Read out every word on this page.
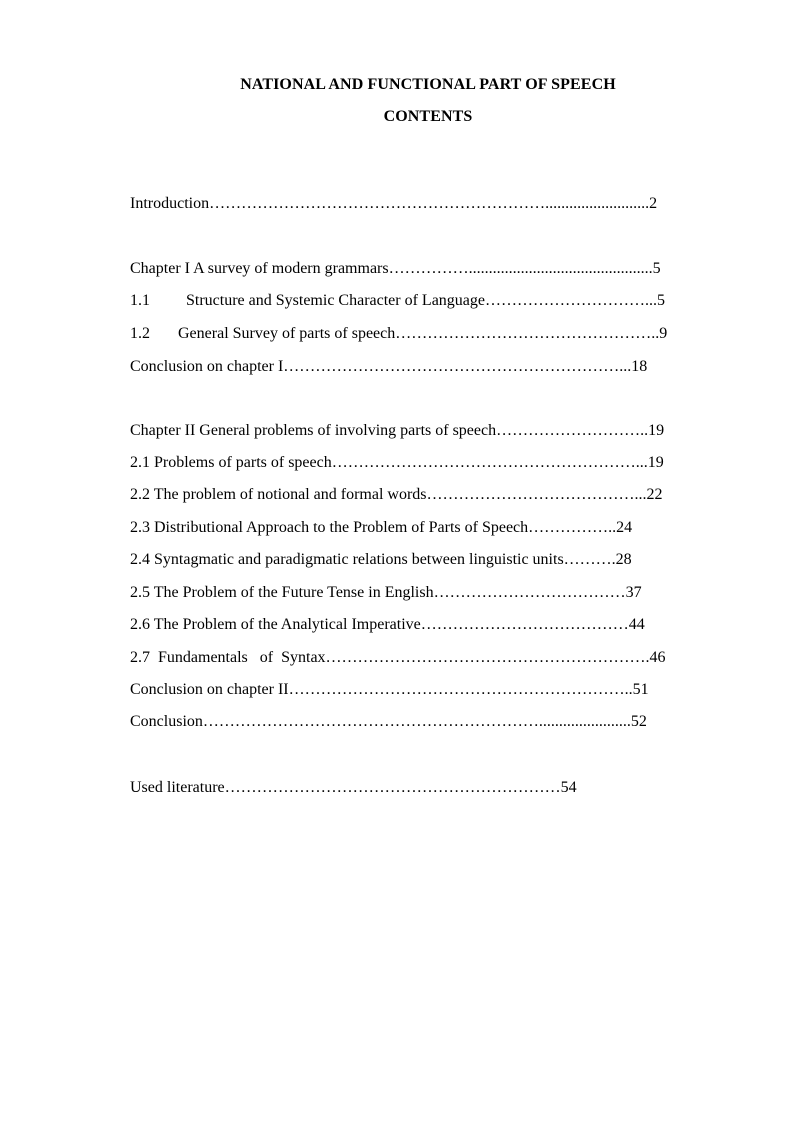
NATIONAL AND FUNCTIONAL PART OF SPEECH
CONTENTS

Introduction………………………………………………………..........................2

Chapter I A survey of modern grammars……………..............................................5

1.1         Structure and Systemic Character of Language…………………………...5

1.2       General Survey of parts of speech…………………………………………..9

Conclusion on chapter I………………………………………………………...18

Chapter II General problems of involving parts of speech………………………..19

2.1 Problems of parts of speech…………………………………………………...19

2.2 The problem of notional and formal words…………………………………...22

2.3 Distributional Approach to the Problem of Parts of Speech……………..24

2.4 Syntagmatic and paradigmatic relations between linguistic units……….28

2.5 The Problem of the Future Tense in English………………………………37

2.6 The Problem of the Analytical Imperative…………………………………44

2.7  Fundamentals   of  Syntax…………………………………………………….46

Conclusion on chapter II………………………………………………………..51

Conclusion……………………………………………………….......................52

Used literature………………………………………………………54
